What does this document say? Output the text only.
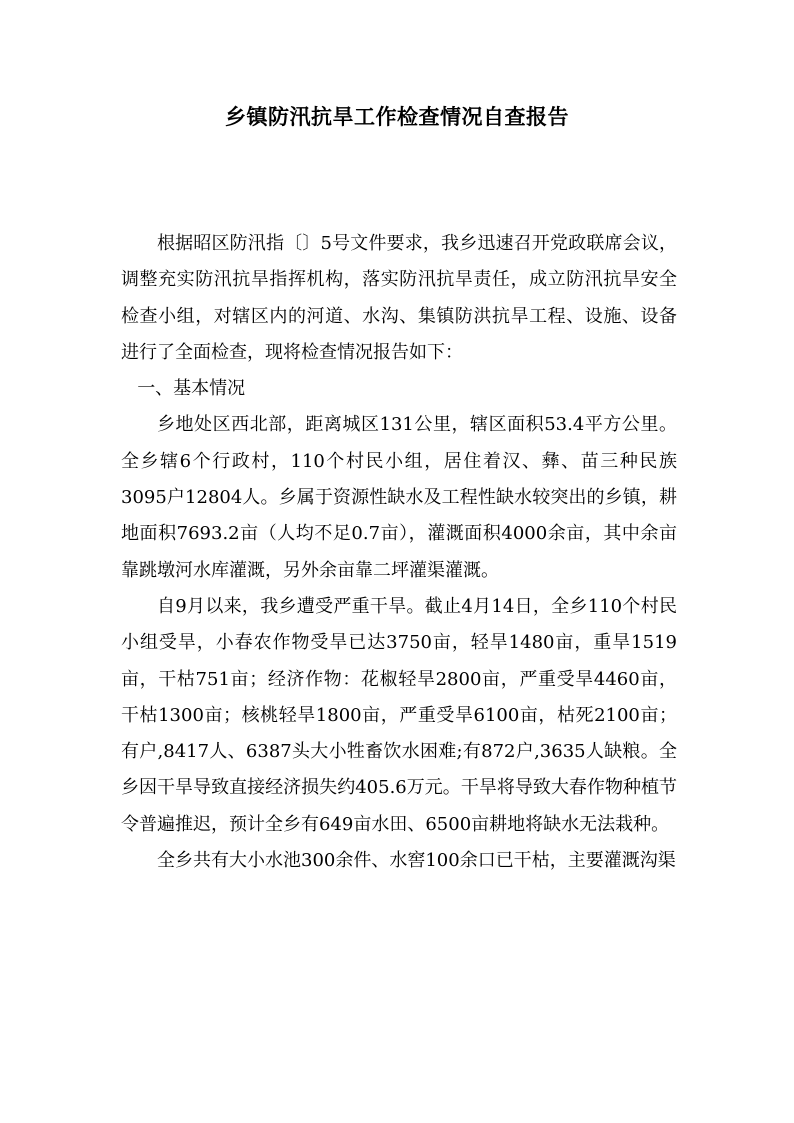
乡镇防汛抗旱工作检查情况自查报告

根据昭区防汛指〔〕5号文件要求，我乡迅速召开党政联席会议，调整充实防汛抗旱指挥机构，落实防汛抗旱责任，成立防汛抗旱安全检查小组，对辖区内的河道、水沟、集镇防洪抗旱工程、设施、设备进行了全面检查，现将检查情况报告如下：

一、基本情况

乡地处区西北部，距离城区131公里，辖区面积53.4平方公里。全乡辖6个行政村，110个村民小组，居住着汉、彝、苗三种民族3095户12804人。乡属于资源性缺水及工程性缺水较突出的乡镇，耕地面积7693.2亩（人均不足0.7亩），灌溉面积4000余亩，其中余亩靠跳墩河水库灌溉，另外余亩靠二坪灌渠灌溉。

自9月以来，我乡遭受严重干旱。截止4月14日，全乡110个村民小组受旱，小春农作物受旱已达3750亩，轻旱1480亩，重旱1519亩，干枯751亩；经济作物：花椒轻旱2800亩，严重受旱4460亩，干枯1300亩；核桃轻旱1800亩，严重受旱6100亩，枯死2100亩；有户,8417人、6387头大小牲畜饮水困难;有872户,3635人缺粮。全乡因干旱导致直接经济损失约405.6万元。干旱将导致大春作物种植节令普遍推迟，预计全乡有649亩水田、6500亩耕地将缺水无法栽种。

全乡共有大小水池300余件、水窖100余口已干枯，主要灌溉沟渠
